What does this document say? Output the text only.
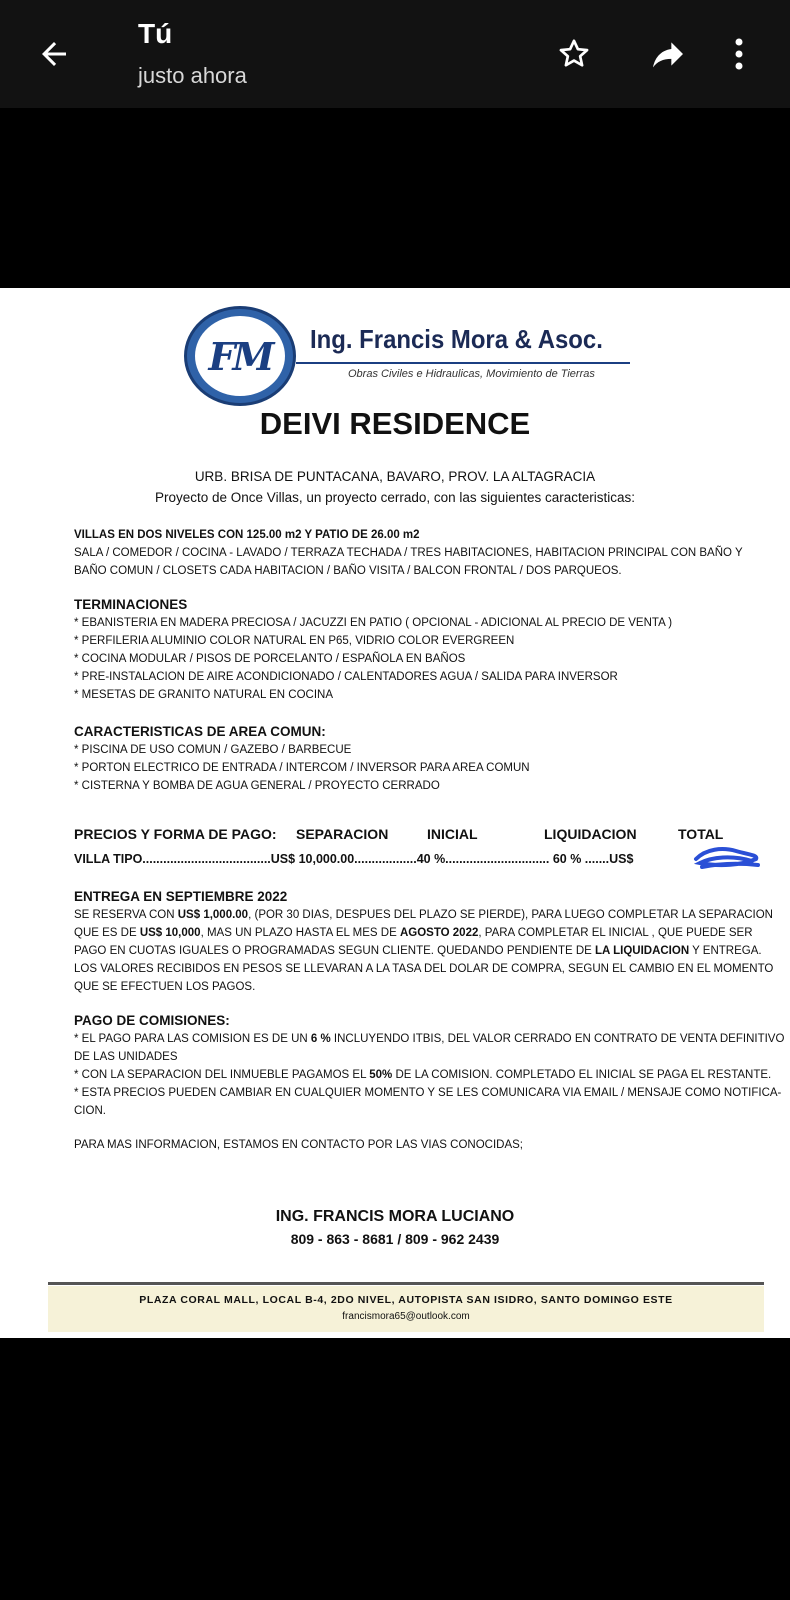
Tú
justo ahora
FM Ing. Francis Mora & Asoc.
Obras Civiles e Hidraulicas, Movimiento de Tierras
DEIVI RESIDENCE
URB. BRISA DE PUNTACANA, BAVARO, PROV. LA ALTAGRACIA
Proyecto de Once Villas, un proyecto cerrado, con las siguientes caracteristicas:
VILLAS EN DOS NIVELES CON 125.00 m2 Y PATIO DE 26.00 m2
SALA / COMEDOR / COCINA - LAVADO / TERRAZA TECHADA / TRES HABITACIONES, HABITACION PRINCIPAL CON BAÑO Y
BAÑO COMUN / CLOSETS CADA HABITACION / BAÑO VISITA / BALCON FRONTAL / DOS PARQUEOS.
TERMINACIONES
* EBANISTERIA EN MADERA PRECIOSA / JACUZZI EN PATIO ( OPCIONAL - ADICIONAL AL PRECIO DE VENTA )
* PERFILERIA ALUMINIO COLOR NATURAL EN P65, VIDRIO COLOR EVERGREEN
* COCINA MODULAR / PISOS DE PORCELANTO / ESPAÑOLA EN BAÑOS
* PRE-INSTALACION DE AIRE ACONDICIONADO / CALENTADORES AGUA / SALIDA PARA INVERSOR
* MESETAS DE GRANITO NATURAL EN COCINA
CARACTERISTICAS DE AREA COMUN:
* PISCINA DE USO COMUN / GAZEBO / BARBECUE
* PORTON ELECTRICO DE ENTRADA / INTERCOM / INVERSOR PARA AREA COMUN
* CISTERNA Y BOMBA DE AGUA GENERAL / PROYECTO CERRADO
PRECIOS Y FORMA DE PAGO: SEPARACION	INICIAL	LIQUIDACION	TOTAL
VILLA TIPO.....................................US$ 10,000.00..................40 %.............................. 60 % .......US$
ENTREGA EN SEPTIEMBRE 2022
SE RESERVA CON US$ 1,000.00, (POR 30 DIAS, DESPUES DEL PLAZO SE PIERDE), PARA LUEGO COMPLETAR LA SEPARACION
QUE ES DE US$ 10,000, MAS UN PLAZO HASTA EL MES DE AGOSTO 2022, PARA COMPLETAR EL INICIAL , QUE PUEDE SER
PAGO EN CUOTAS IGUALES O PROGRAMADAS SEGUN CLIENTE. QUEDANDO PENDIENTE DE LA LIQUIDACION Y ENTREGA.
LOS VALORES RECIBIDOS EN PESOS SE LLEVARAN A LA TASA DEL DOLAR DE COMPRA, SEGUN EL CAMBIO EN EL MOMENTO
QUE SE EFECTUEN LOS PAGOS.
PAGO DE COMISIONES:
* EL PAGO PARA LAS COMISION ES DE UN 6 % INCLUYENDO ITBIS, DEL VALOR CERRADO EN CONTRATO DE VENTA DEFINITIVO
DE LAS UNIDADES
* CON LA SEPARACION DEL INMUEBLE PAGAMOS EL 50% DE LA COMISION. COMPLETADO EL INICIAL SE PAGA EL RESTANTE.
* ESTA PRECIOS PUEDEN CAMBIAR EN CUALQUIER MOMENTO Y SE LES COMUNICARA VIA EMAIL / MENSAJE COMO NOTIFICA-
CION.
PARA MAS INFORMACION, ESTAMOS EN CONTACTO POR LAS VIAS CONOCIDAS;
ING. FRANCIS MORA LUCIANO
809 - 863 - 8681 / 809 - 962 2439
PLAZA CORAL MALL, LOCAL B-4, 2DO NIVEL, AUTOPISTA SAN ISIDRO, SANTO DOMINGO ESTE
francismora65@outlook.com
